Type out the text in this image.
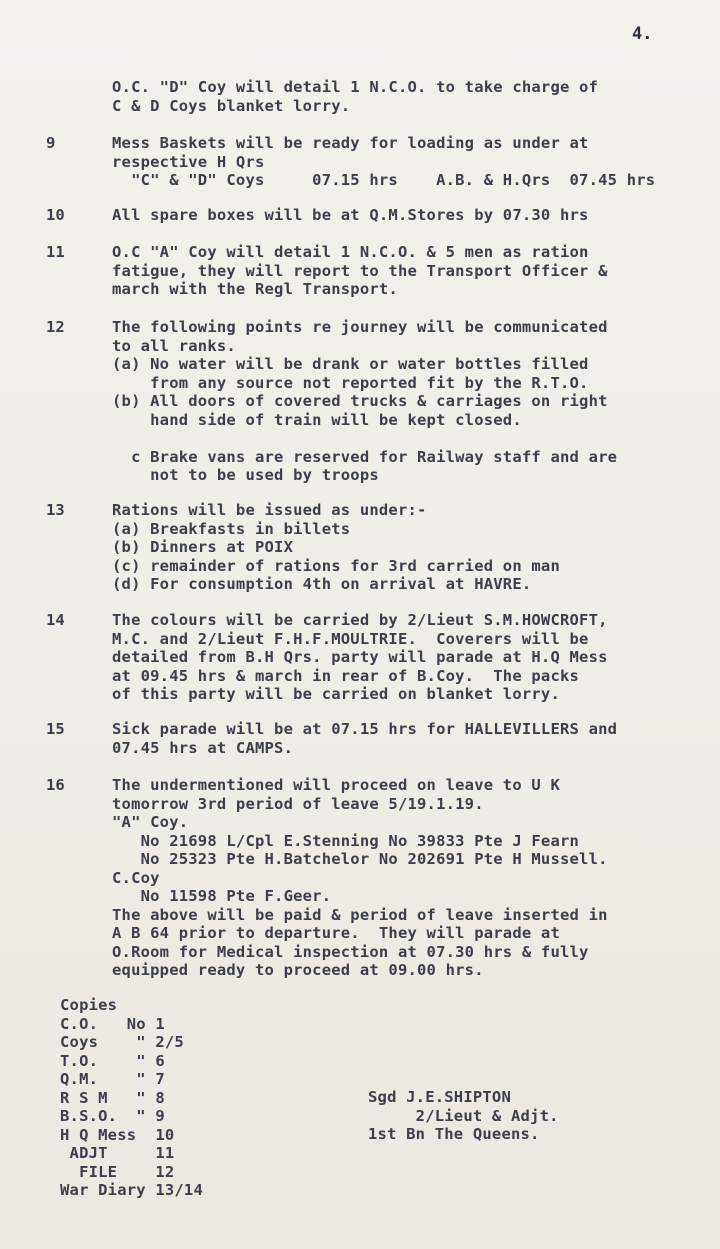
4.
O.C. "D" Coy will detail 1 N.C.O. to take charge of
C & D Coys blanket lorry.
9	Mess Baskets will be ready for loading as under at
respective H Qrs
"C" & "D" Coys     07.15 hrs    A.B. & H.Qrs  07.45 hrs
10	All spare boxes will be at Q.M.Stores by 07.30 hrs
11	O.C "A" Coy will detail 1 N.C.O. & 5 men as ration
fatigue, they will report to the Transport Officer &
march with the Regl Transport.
12	The following points re journey will be communicated
to all ranks.
(a) No water will be drank or water bottles filled
from any source not reported fit by the R.T.O.
(b) All doors of covered trucks & carriages on right
hand side of train will be kept closed.
c Brake vans are reserved for Railway staff and are
not to be used by troops
13	Rations will be issued as under:-
(a) Breakfasts in billets
(b) Dinners at POIX
(c) remainder of rations for 3rd carried on man
(d) For consumption 4th on arrival at HAVRE.
14	The colours will be carried by 2/Lieut S.M.HOWCROFT,
M.C. and 2/Lieut F.H.F.MOULTRIE.  Coverers will be
detailed from B.H Qrs. party will parade at H.Q Mess
at 09.45 hrs & march in rear of B.Coy.  The packs
of this party will be carried on blanket lorry.
15	Sick parade will be at 07.15 hrs for HALLEVILLERS and
07.45 hrs at CAMPS.
16	The undermentioned will proceed on leave to U K
tomorrow 3rd period of leave 5/19.1.19.
"A" Coy.
No 21698 L/Cpl E.Stenning No 39833 Pte J Fearn
No 25323 Pte H.Batchelor No 202691 Pte H Mussell.
C.Coy
No 11598 Pte F.Geer.
The above will be paid & period of leave inserted in
A B 64 prior to departure.  They will parade at
O.Room for Medical inspection at 07.30 hrs & fully
equipped ready to proceed at 09.00 hrs.
Copies
C.O.   No 1
Coys    " 2/5
T.O.    " 6
Q.M.    " 7
R S M   " 8
B.S.O.  " 9
H Q Mess  10
ADJT     11
FILE    12
War Diary 13/14
Sgd J.E.SHIPTON
2/Lieut & Adjt.
1st Bn The Queens.
